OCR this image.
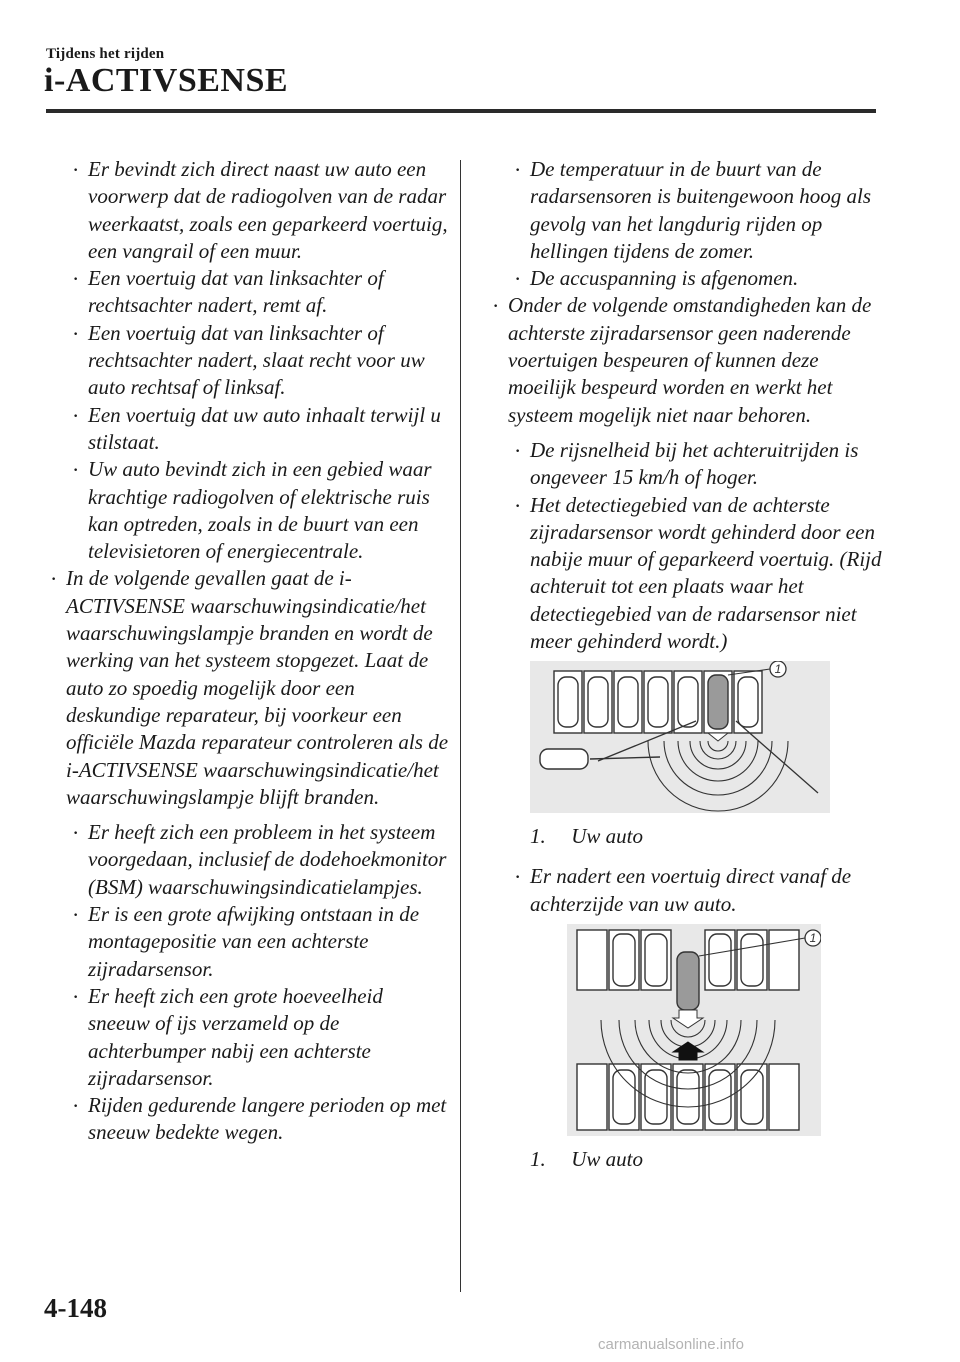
Tijdens het rijden
i-ACTIVSENSE

· Er bevindt zich direct naast uw auto een voorwerp dat de radiogolven van de radar weerkaatst, zoals een geparkeerd voertuig, een vangrail of een muur.

· Een voertuig dat van linksachter of rechtsachter nadert, remt af.

· Een voertuig dat van linksachter of rechtsachter nadert, slaat recht voor uw auto rechtsaf of linksaf.

· Een voertuig dat uw auto inhaalt terwijl u stilstaat.

· Uw auto bevindt zich in een gebied waar krachtige radiogolven of elektrische ruis kan optreden, zoals in de buurt van een televisietoren of energiecentrale.

· In de volgende gevallen gaat de i-ACTIVSENSE waarschuwingsindicatie/het waarschuwingslampje branden en wordt de werking van het systeem stopgezet. Laat de auto zo spoedig mogelijk door een deskundige reparateur, bij voorkeur een officiële Mazda reparateur controleren als de i-ACTIVSENSE waarschuwingsindicatie/het waarschuwingslampje blijft branden.

· Er heeft zich een probleem in het systeem voorgedaan, inclusief de dodehoekmonitor (BSM) waarschuwingsindicatielampjes.

· Er is een grote afwijking ontstaan in de montagepositie van een achterste zijradarsensor.

· Er heeft zich een grote hoeveelheid sneeuw of ijs verzameld op de achterbumper nabij een achterste zijradarsensor.

· Rijden gedurende langere perioden op met sneeuw bedekte wegen.

· De temperatuur in de buurt van de radarsensoren is buitengewoon hoog als gevolg van het langdurig rijden op hellingen tijdens de zomer.

· De accuspanning is afgenomen.

· Onder de volgende omstandigheden kan de achterste zijradarsensor geen naderende voertuigen bespeuren of kunnen deze moeilijk bespeurd worden en werkt het systeem mogelijk niet naar behoren.

· De rijsnelheid bij het achteruitrijden is ongeveer 15 km/h of hoger.

· Het detectiegebied van de achterste zijradarsensor wordt gehinderd door een nabije muur of geparkeerd voertuig. (Rijd achteruit tot een plaats waar het detectiegebied van de radarsensor niet meer gehinderd wordt.)

1
1. Uw auto

· Er nadert een voertuig direct vanaf de achterzijde van uw auto.

1
1. Uw auto
4-148
carmanualsonline.info
